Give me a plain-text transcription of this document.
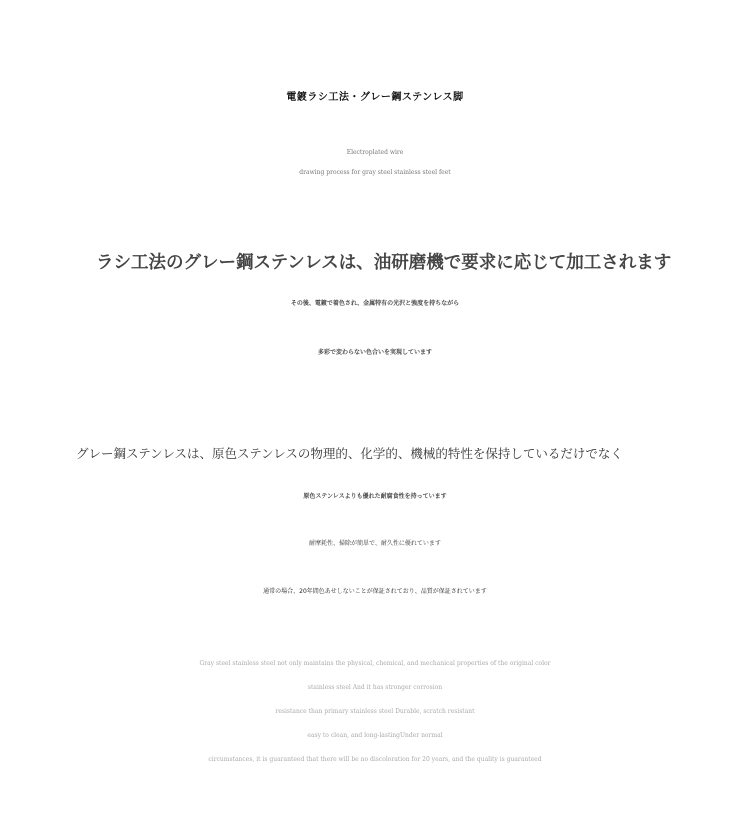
電鍍ラシ工法・グレー鋼ステンレス脚
Electroplated wire
drawing process for gray steel stainless steel feet
ラシ工法のグレー鋼ステンレスは、油研磨機で要求に応じて加工されます
その後、電鍍で着色され、金属特有の光沢と強度を持ちながら
多彩で変わらない色合いを実現しています
グレー鋼ステンレスは、原色ステンレスの物理的、化学的、機械的特性を保持しているだけでなく
原色ステンレスよりも優れた耐腐食性を持っています
耐摩耗性、掃除が簡単で、耐久性に優れています
通常の場合、20年間色あせしないことが保証されており、品質が保証されています
Gray steel stainless steel not only maintains the physical, chemical, and mechanical properties of the original color
stainless steel And it has stronger corrosion
resistance than primary stainless steel Durable, scratch resistant
easy to clean, and long-lastingUnder normal
circumstances, it is guaranteed that there will be no discoloration for 20 years, and the quality is guaranteed
